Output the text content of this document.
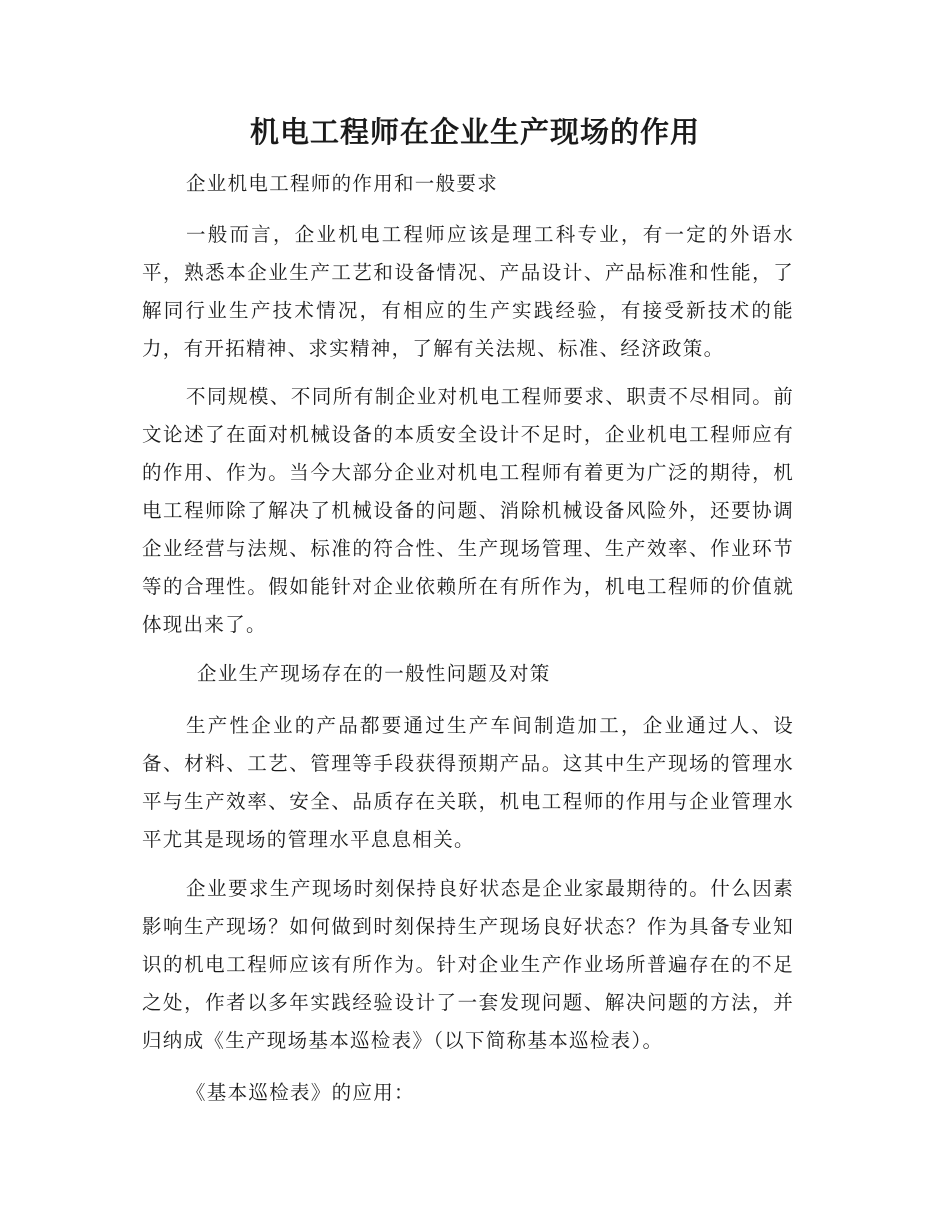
机电工程师在企业生产现场的作用

企业机电工程师的作用和一般要求

一般而言，企业机电工程师应该是理工科专业，有一定的外语水平，熟悉本企业生产工艺和设备情况、产品设计、产品标准和性能，了解同行业生产技术情况，有相应的生产实践经验，有接受新技术的能力，有开拓精神、求实精神，了解有关法规、标准、经济政策。

不同规模、不同所有制企业对机电工程师要求、职责不尽相同。前文论述了在面对机械设备的本质安全设计不足时，企业机电工程师应有的作用、作为。当今大部分企业对机电工程师有着更为广泛的期待，机电工程师除了解决了机械设备的问题、消除机械设备风险外，还要协调企业经营与法规、标准的符合性、生产现场管理、生产效率、作业环节等的合理性。假如能针对企业依赖所在有所作为，机电工程师的价值就体现出来了。

企业生产现场存在的一般性问题及对策

生产性企业的产品都要通过生产车间制造加工，企业通过人、设备、材料、工艺、管理等手段获得预期产品。这其中生产现场的管理水平与生产效率、安全、品质存在关联，机电工程师的作用与企业管理水平尤其是现场的管理水平息息相关。

企业要求生产现场时刻保持良好状态是企业家最期待的。什么因素影响生产现场？如何做到时刻保持生产现场良好状态？作为具备专业知识的机电工程师应该有所作为。针对企业生产作业场所普遍存在的不足之处，作者以多年实践经验设计了一套发现问题、解决问题的方法，并归纳成《生产现场基本巡检表》（以下简称基本巡检表）。

《基本巡检表》的应用：
